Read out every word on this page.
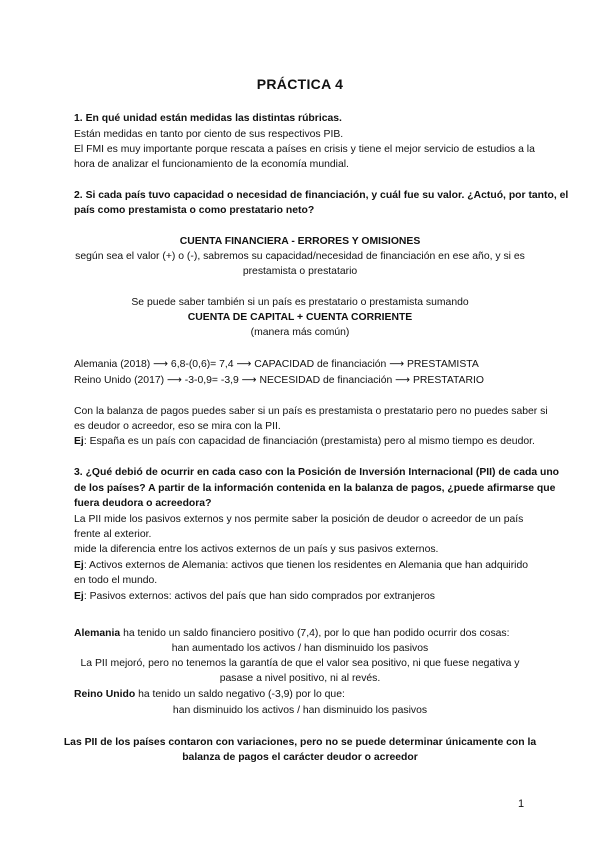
PRÁCTICA 4
1. En qué unidad están medidas las distintas rúbricas.
Están medidas en tanto por ciento de sus respectivos PIB.
El FMI es muy importante porque rescata a países en crisis y tiene el mejor servicio de estudios a la
hora de analizar el funcionamiento de la economía mundial.
2. Si cada país tuvo capacidad o necesidad de financiación, y cuál fue su valor. ¿Actuó, por tanto, el
país como prestamista o como prestatario neto?
CUENTA FINANCIERA - ERRORES Y OMISIONES
según sea el valor (+) o (-), sabremos su capacidad/necesidad de financiación en ese año, y si es
prestamista o prestatario
Se puede saber también si un país es prestatario o prestamista sumando
CUENTA DE CAPITAL + CUENTA CORRIENTE
(manera más común)
Alemania (2018) ⟶ 6,8-(0,6)= 7,4 ⟶ CAPACIDAD de financiación ⟶ PRESTAMISTA
Reino Unido (2017) ⟶ -3-0,9= -3,9 ⟶ NECESIDAD de financiación ⟶ PRESTATARIO
Con la balanza de pagos puedes saber si un país es prestamista o prestatario pero no puedes saber si
es deudor o acreedor, eso se mira con la PII.
Ej: España es un país con capacidad de financiación (prestamista) pero al mismo tiempo es deudor.
3. ¿Qué debió de ocurrir en cada caso con la Posición de Inversión Internacional (PII) de cada uno
de los países? A partir de la información contenida en la balanza de pagos, ¿puede afirmarse que
fuera deudora o acreedora?
La PII mide los pasivos externos y nos permite saber la posición de deudor o acreedor de un país
frente al exterior.
mide la diferencia entre los activos externos de un país y sus pasivos externos.
Ej: Activos externos de Alemania: activos que tienen los residentes en Alemania que han adquirido
en todo el mundo.
Ej: Pasivos externos: activos del país que han sido comprados por extranjeros
Alemania ha tenido un saldo financiero positivo (7,4), por lo que han podido ocurrir dos cosas:
han aumentado los activos / han disminuido los pasivos
La PII mejoró, pero no tenemos la garantía de que el valor sea positivo, ni que fuese negativa y
pasase a nivel positivo, ni al revés.
Reino Unido ha tenido un saldo negativo (-3,9) por lo que:
han disminuido los activos / han disminuido los pasivos
Las PII de los países contaron con variaciones, pero no se puede determinar únicamente con la
balanza de pagos el carácter deudor o acreedor
1
